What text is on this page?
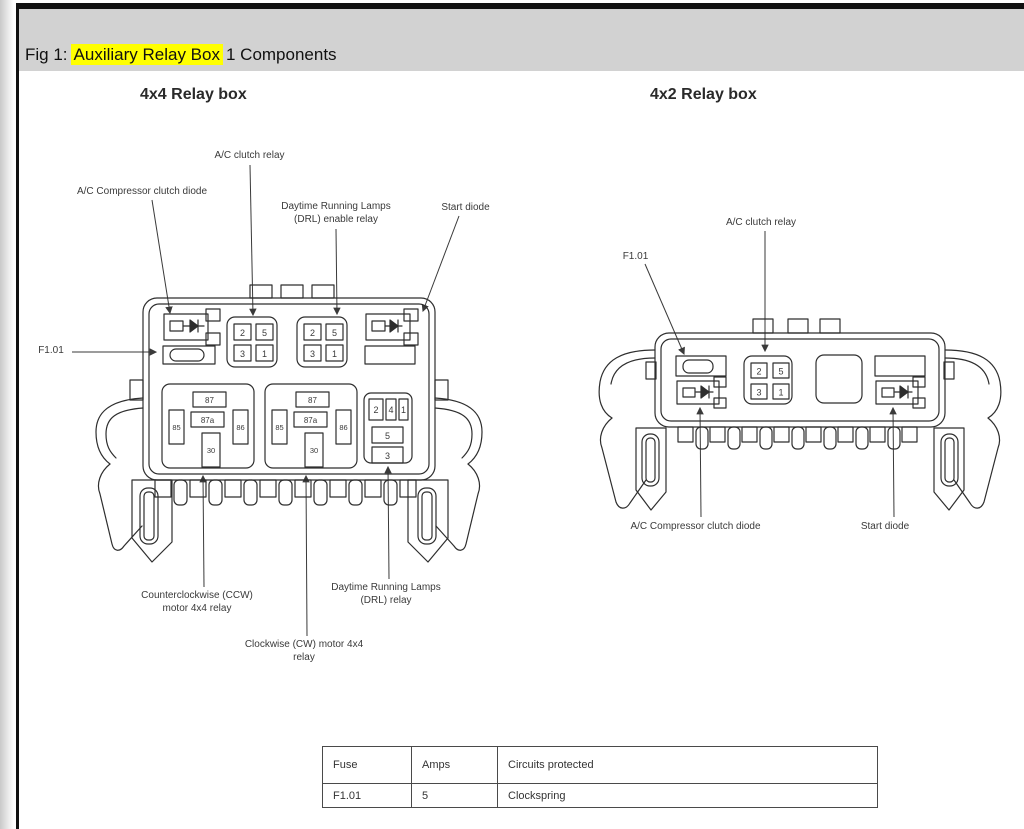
Fig 1: Auxiliary Relay Box 1 Components
4x4 Relay box	4x2 Relay box
A/C clutch relay
A/C Compressor clutch diode
Daytime Running Lamps
(DRL) enable relay
Start diode
F1.01
Counterclockwise (CCW)
motor 4x4 relay
Daytime Running Lamps
(DRL) relay
Clockwise (CW) motor 4x4
relay
F1.01
A/C clutch relay
A/C Compressor clutch diode	Start diode
2 5
3 1
2 5
3 1
87
87a
85	86
30
87
87a
85	86
30
2 4 1
5
3
2 5
3 1
Fuse	Amps	Circuits protected
F1.01	5	Clockspring
